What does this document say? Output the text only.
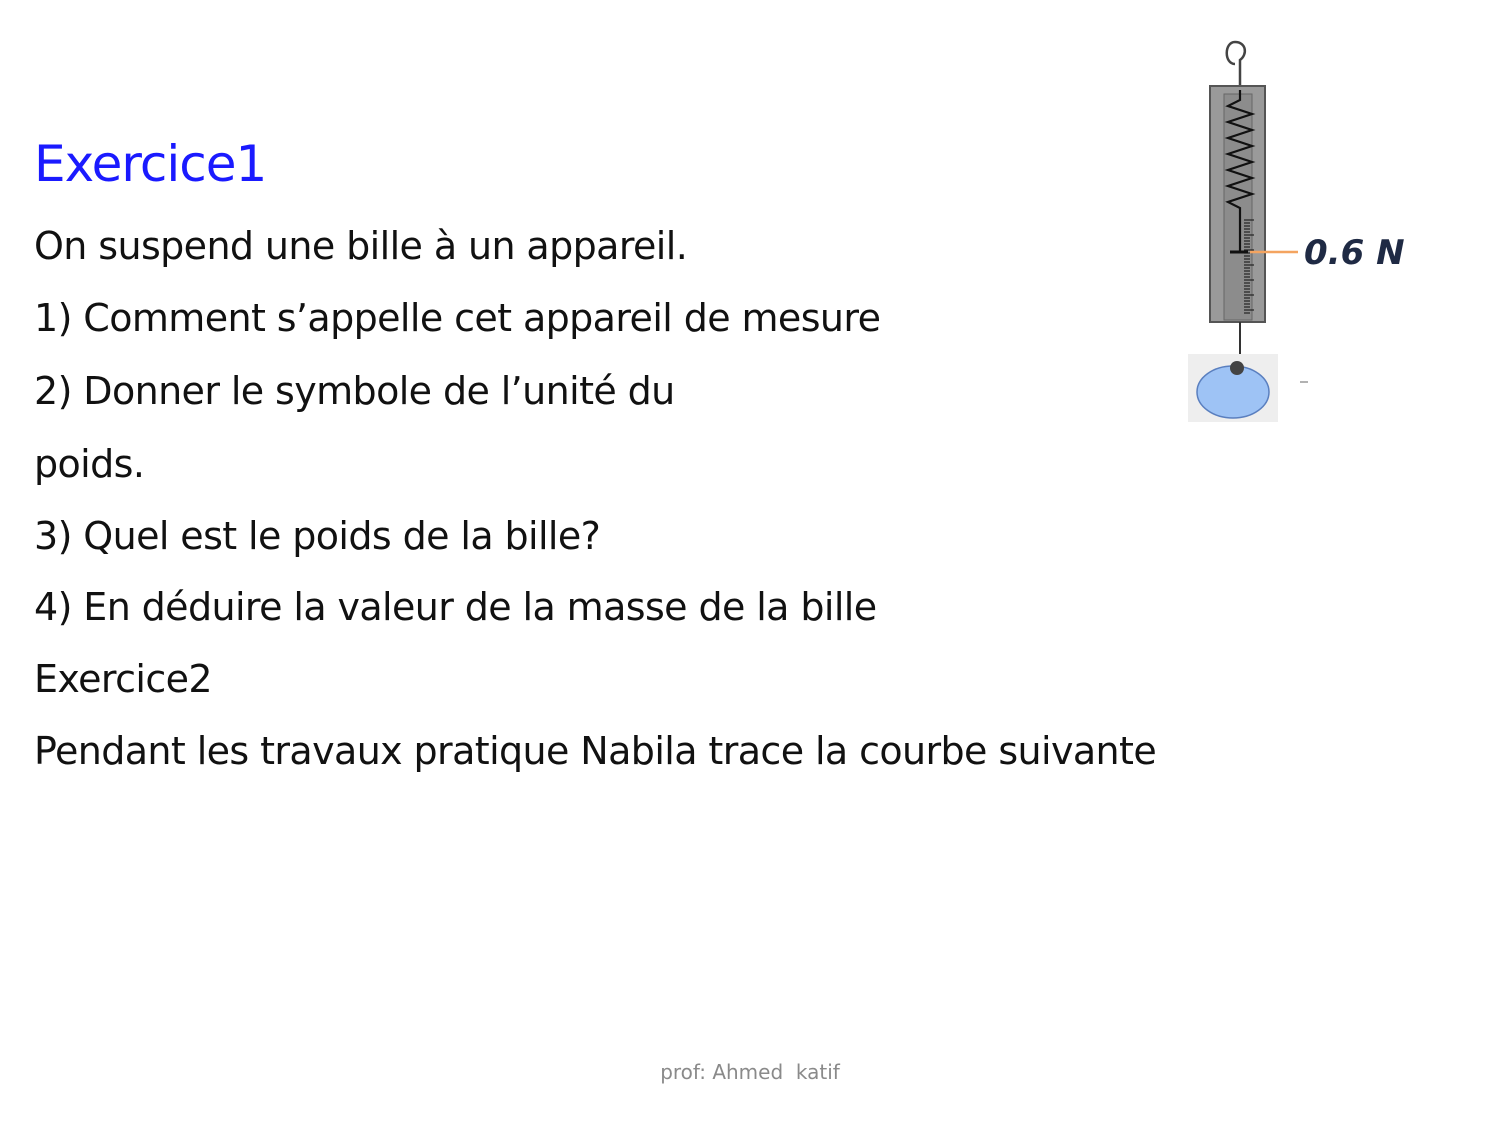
Exercice1
On suspend une bille à un appareil.
1) Comment s’appelle cet appareil de mesure
2) Donner le symbole de l’unité du
poids.
3) Quel est le poids de la bille?
4) En déduire la valeur de la masse de la bille
Exercice2
Pendant les travaux pratique Nabila trace la courbe suivante
0.6 N
prof: Ahmed  katif
